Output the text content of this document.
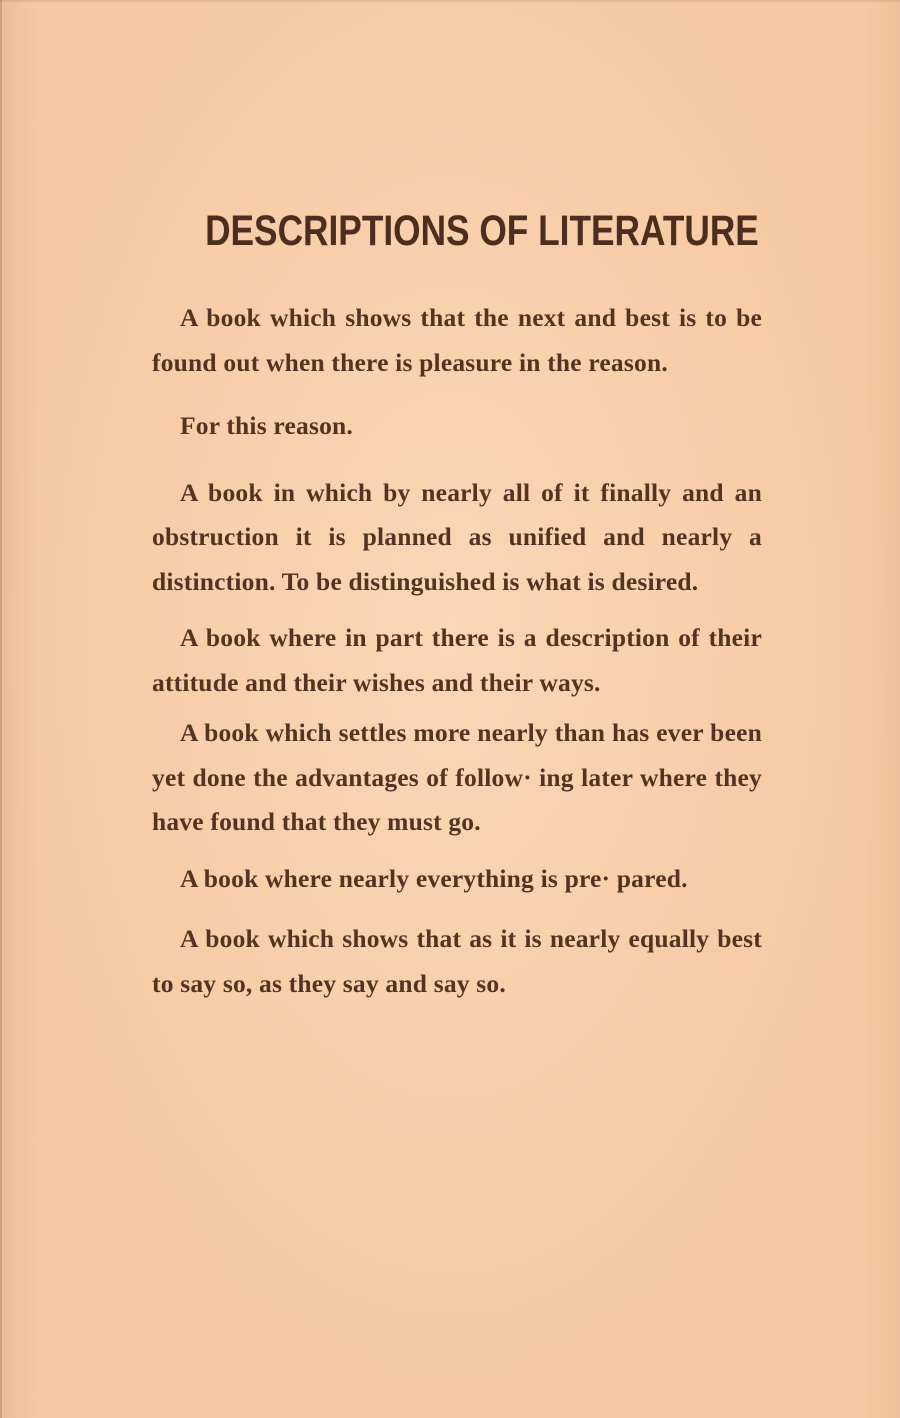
DESCRIPTIONS OF LITERATURE

A book which shows that the next and best is to be found out when there is pleasure in the reason.

For this reason.

A book in which by nearly all of it finally and an obstruction it is planned as unified and nearly a distinction. To be distinguished is what is desired.

A book where in part there is a description of their attitude and their wishes and their ways.

A book which settles more nearly than has ever been yet done the advantages of follow· ing later where they have found that they must go.

A book where nearly everything is pre· pared.

A book which shows that as it is nearly equally best to say so, as they say and say so.
